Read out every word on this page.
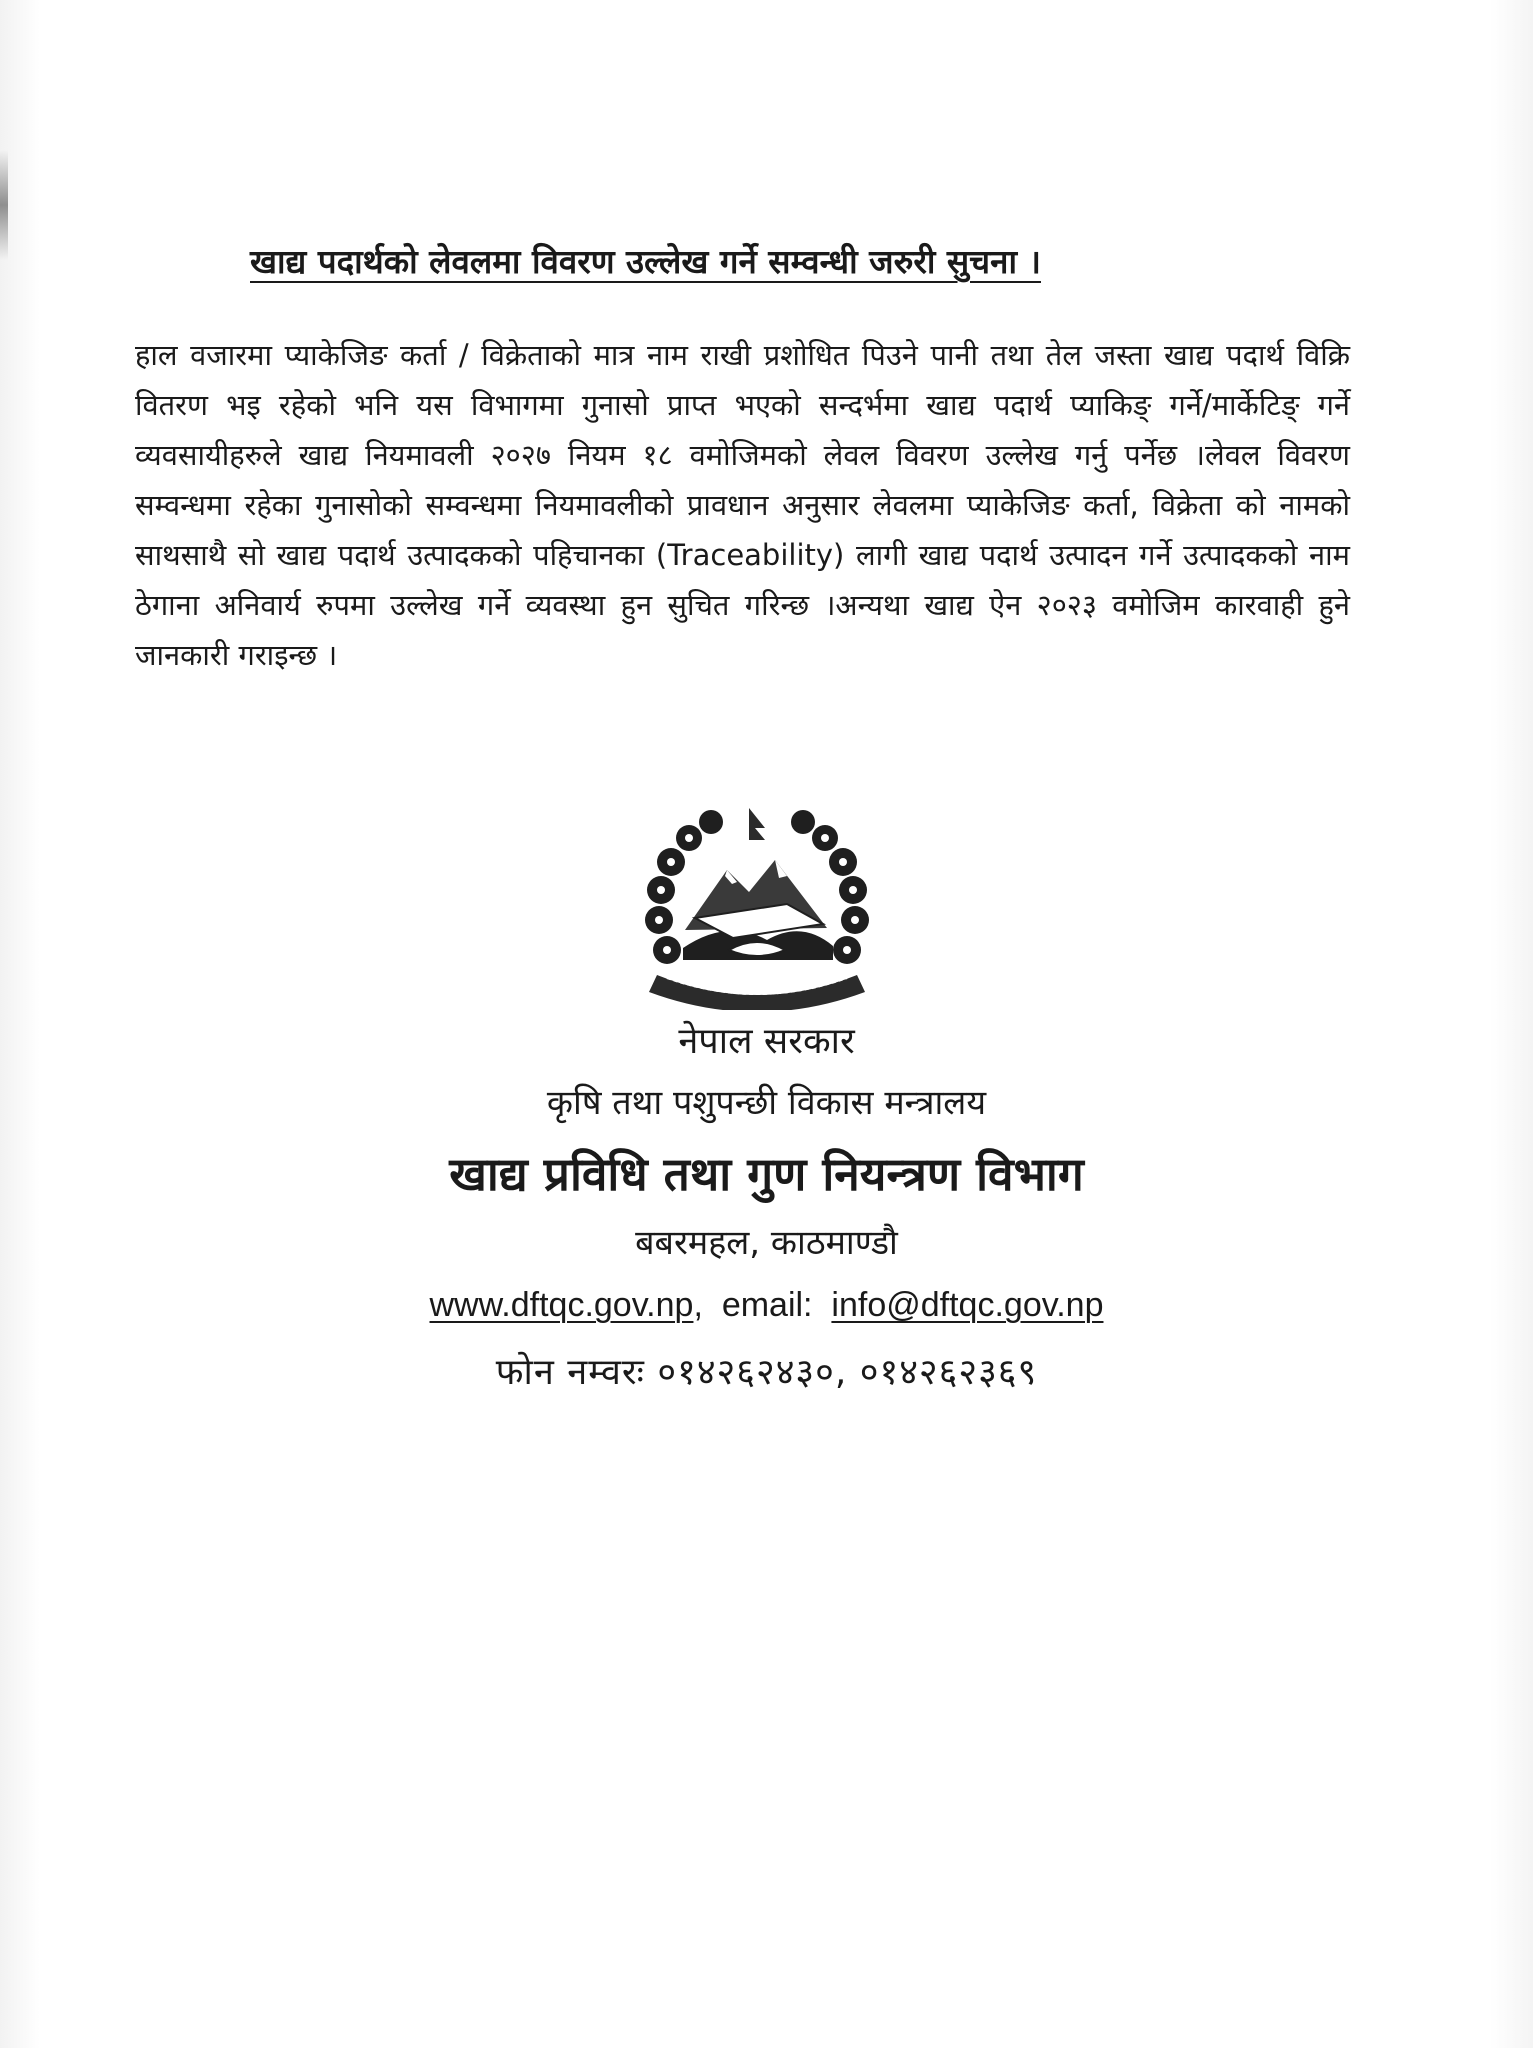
खाद्य पदार्थको लेवलमा विवरण उल्लेख गर्ने सम्वन्धी जरुरी सुचना ।
हाल वजारमा प्याकेजिङ कर्ता / विक्रेताको मात्र नाम राखी प्रशोधित पिउने पानी तथा तेल जस्ता खाद्य पदार्थ विक्रि वितरण भइ रहेको भनि यस विभागमा गुनासो प्राप्त भएको सन्दर्भमा खाद्य पदार्थ प्याकिङ् गर्ने/मार्केटिङ् गर्ने व्यवसायीहरुले खाद्य नियमावली २०२७ नियम १८ वमोजिमको लेवल विवरण उल्लेख गर्नु पर्नेछ ।लेवल विवरण सम्वन्धमा रहेका गुनासोको सम्वन्धमा नियमावलीको प्रावधान अनुसार लेवलमा प्याकेजिङ कर्ता, विक्रेता को नामको साथसाथै सो खाद्य पदार्थ उत्पादकको पहिचानका (Traceability) लागी खाद्य पदार्थ उत्पादन गर्ने उत्पादकको नाम ठेगाना अनिवार्य रुपमा उल्लेख गर्ने व्यवस्था हुन सुचित गरिन्छ ।अन्यथा खाद्य ऐन २०२३ वमोजिम कारवाही हुने जानकारी गराइन्छ ।
नेपाल सरकार
कृषि तथा पशुपन्छी विकास मन्त्रालय
खाद्य प्रविधि तथा गुण नियन्त्रण विभाग
बबरमहल, काठमाण्डौ
www.dftqc.gov.np, email: info@dftqc.gov.np
फोन नम्वरः ०१४२६२४३०, ०१४२६२३६९
